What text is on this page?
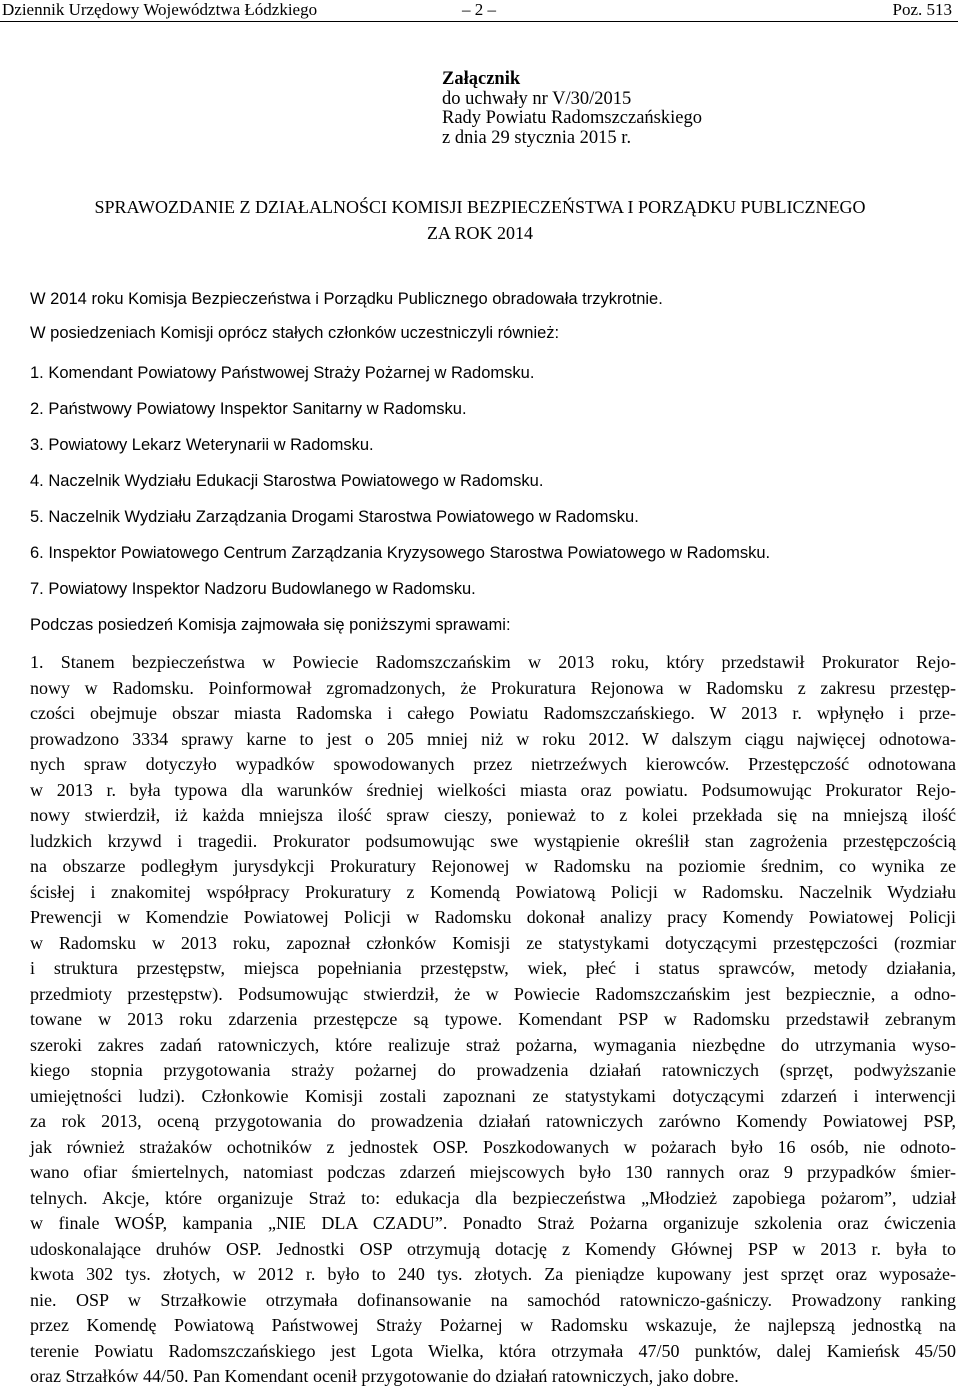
Dziennik Urzędowy Województwa Łódzkiego	– 2 –	Poz. 513
Załącznik
do uchwały nr V/30/2015
Rady Powiatu Radomszczańskiego
z dnia 29 stycznia 2015 r.
SPRAWOZDANIE Z DZIAŁALNOŚCI KOMISJI BEZPIECZEŃSTWA I PORZĄDKU PUBLICZNEGO
ZA ROK 2014
W 2014 roku Komisja Bezpieczeństwa i Porządku Publicznego obradowała trzykrotnie.
W posiedzeniach Komisji oprócz stałych członków uczestniczyli również:
1. Komendant Powiatowy Państwowej Straży Pożarnej w Radomsku.
2. Państwowy Powiatowy Inspektor Sanitarny w Radomsku.
3. Powiatowy Lekarz Weterynarii w Radomsku.
4. Naczelnik Wydziału Edukacji Starostwa Powiatowego w Radomsku.
5. Naczelnik Wydziału Zarządzania Drogami Starostwa Powiatowego w Radomsku.
6. Inspektor Powiatowego Centrum Zarządzania Kryzysowego Starostwa Powiatowego w Radomsku.
7. Powiatowy Inspektor Nadzoru Budowlanego w Radomsku.
Podczas posiedzeń Komisja zajmowała się poniższymi sprawami:
1. Stanem bezpieczeństwa w Powiecie Radomszczańskim w 2013 roku, który przedstawił Prokurator Rejo-
nowy w Radomsku. Poinformował zgromadzonych, że Prokuratura Rejonowa w Radomsku z zakresu przestęp-
czości obejmuje obszar miasta Radomska i całego Powiatu Radomszczańskiego. W 2013 r. wpłynęło i prze-
prowadzono 3334 sprawy karne to jest o 205 mniej niż w roku 2012. W dalszym ciągu najwięcej odnotowa-
nych spraw dotyczyło wypadków spowodowanych przez nietrzeźwych kierowców. Przestępczość odnotowana
w 2013 r. była typowa dla warunków średniej wielkości miasta oraz powiatu. Podsumowując Prokurator Rejo-
nowy stwierdził, iż każda mniejsza ilość spraw cieszy, ponieważ to z kolei przekłada się na mniejszą ilość
ludzkich krzywd i tragedii. Prokurator podsumowując swe wystąpienie określił stan zagrożenia przestępczością
na obszarze podległym jurysdykcji Prokuratury Rejonowej w Radomsku na poziomie średnim, co wynika ze
ścisłej i znakomitej współpracy Prokuratury z Komendą Powiatową Policji w Radomsku. Naczelnik Wydziału
Prewencji w Komendzie Powiatowej Policji w Radomsku dokonał analizy pracy Komendy Powiatowej Policji
w Radomsku w 2013 roku, zapoznał członków Komisji ze statystykami dotyczącymi przestępczości (rozmiar
i struktura przestępstw, miejsca popełniania przestępstw, wiek, płeć i status sprawców, metody działania,
przedmioty przestępstw). Podsumowując stwierdził, że w Powiecie Radomszczańskim jest bezpiecznie, a odno-
towane w 2013 roku zdarzenia przestępcze są typowe. Komendant PSP w Radomsku przedstawił zebranym
szeroki zakres zadań ratowniczych, które realizuje straż pożarna, wymagania niezbędne do utrzymania wyso-
kiego stopnia przygotowania straży pożarnej do prowadzenia działań ratowniczych (sprzęt, podwyższanie
umiejętności ludzi). Członkowie Komisji zostali zapoznani ze statystykami dotyczącymi zdarzeń i interwencji
za rok 2013, oceną przygotowania do prowadzenia działań ratowniczych zarówno Komendy Powiatowej PSP,
jak również strażaków ochotników z jednostek OSP. Poszkodowanych w pożarach było 16 osób, nie odnoto-
wano ofiar śmiertelnych, natomiast podczas zdarzeń miejscowych było 130 rannych oraz 9 przypadków śmier-
telnych. Akcje, które organizuje Straż to: edukacja dla bezpieczeństwa „Młodzież zapobiega pożarom”, udział
w finale WOŚP, kampania „NIE DLA CZADU”. Ponadto Straż Pożarna organizuje szkolenia oraz ćwiczenia
udoskonalające druhów OSP. Jednostki OSP otrzymują dotację z Komendy Głównej PSP w 2013 r. była to
kwota 302 tys. złotych, w 2012 r. było to 240 tys. złotych. Za pieniądze kupowany jest sprzęt oraz wyposaże-
nie. OSP w Strzałkowie otrzymała dofinansowanie na samochód ratowniczo-gaśniczy. Prowadzony ranking
przez Komendę Powiatową Państwowej Straży Pożarnej w Radomsku wskazuje, że najlepszą jednostką na
terenie Powiatu Radomszczańskiego jest Lgota Wielka, która otrzymała 47/50 punktów, dalej Kamieńsk 45/50
oraz Strzałków 44/50. Pan Komendant ocenił przygotowanie do działań ratowniczych, jako dobre.
